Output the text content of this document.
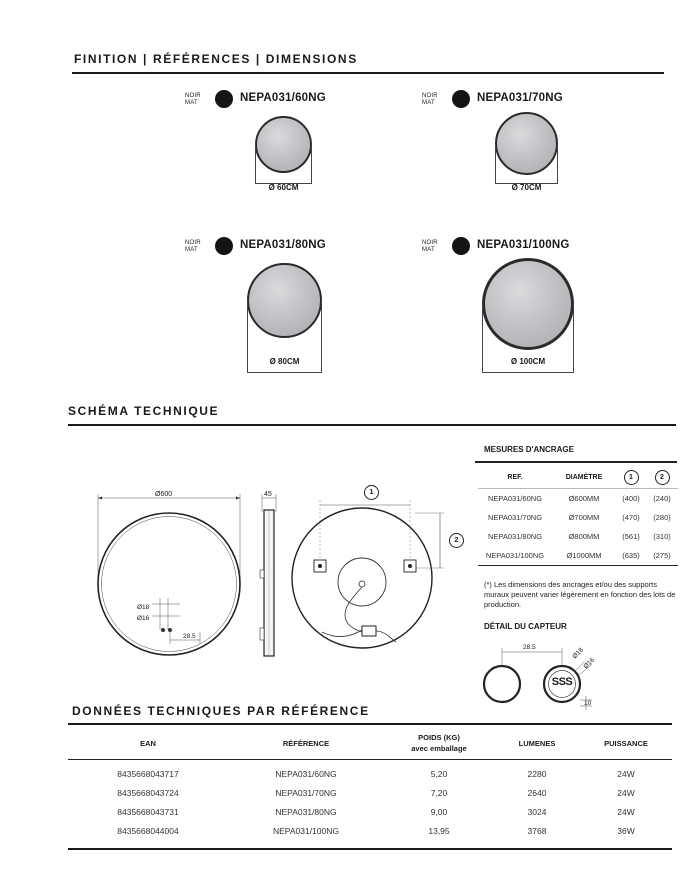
FINITION | RÉFÉRENCES | DIMENSIONS
NOIR
MAT	NEPA031/60NG
Ø 60CM
NOIR
MAT	NEPA031/70NG
Ø 70CM
NOIR
MAT	NEPA031/80NG
Ø 80CM
NOIR
MAT	NEPA031/100NG
Ø 100CM
SCHÉMA TECHNIQUE
Ø600	45
Ø18
Ø16
28.5
1
2
MESURES D'ANCRAGE
REF.	DIAMÈTRE	1	2
NEPA031/60NG	Ø600MM	(400)	(240)
NEPA031/70NG	Ø700MM	(470)	(280)
NEPA031/80NG	Ø800MM	(561)	(310)
NEPA031/100NG	Ø1000MM	(635)	(275)
(*) Les dimensions des ancrages et/ou des supports muraux peuvent varier légèrement en fonction des lots de production.
DÉTAIL DU CAPTEUR
SSS
28.5	Ø18
Ø16
10
DONNÉES TECHNIQUES PAR RÉFÉRENCE
EAN	RÉFÉRENCE	POIDS (KG)
avec emballage	LUMENES	PUISSANCE
8435668043717	NEPA031/60NG	5,20	2280	24W
8435668043724	NEPA031/70NG	7,20	2640	24W
8435668043731	NEPA031/80NG	9,00	3024	24W
8435668044004	NEPA031/100NG	13,95	3768	36W
